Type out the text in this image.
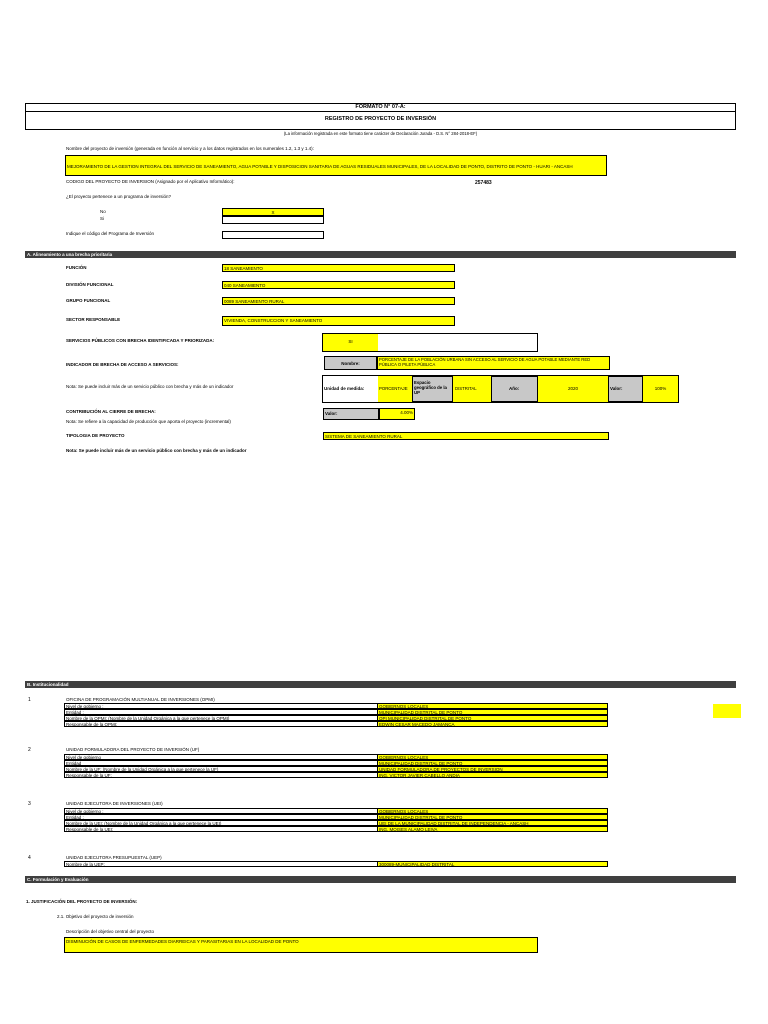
FORMATO N° 07-A:
REGISTRO DE PROYECTO DE INVERSIÓN
(La información registrada en este formato tiene carácter de Declaración Jurada - D.S. N° 284-2018-EF)
Nombre del proyecto de inversión (generada en función al servicio y a los datos registrados en los numerales 1.2, 1.3 y 1.4):
MEJORAMIENTO DE LA GESTION INTEGRAL DEL SERVICIO DE SANEAMIENTO, AGUA POTABLE Y DISPOSICION SANITARIA DE AGUAS RESIDUALES MUNICIPALES, DE LA LOCALIDAD DE PONTO, DISTRITO DE PONTO - HUARI - ANCASH
CODIGO DEL PROYECTO DE INVERSION (Asignado por el Aplicativo Informático):	257483
¿El proyecto pertenece a un programa de inversión?
No
Si
X
Indique el código del Programa de Inversión
A. Alineamiento a una brecha prioritaria
FUNCIÓN	18 SANEAMIENTO
DIVISIÓN FUNCIONAL	040 SANEAMIENTO
GRUPO FUNCIONAL	0089 SANEAMIENTO RURAL
SECTOR RESPONSABLE	VIVIENDA, CONSTRUCCION Y SANEAMIENTO
SERVICIOS PÚBLICOS CON BRECHA IDENTIFICADA Y PRIORIZADA:	SI
INDICADOR DE BRECHA DE ACCESO A SERVICIOS:	Nombre:
PORCENTAJE DE LA POBLACIÓN URBANA SIN ACCESO AL SERVICIO DE AGUA POTABLE MEDIANTE RED
PÚBLICA O PILETA PÚBLICA
Nota: Se puede incluir más de un servicio público con brecha y más de un indicador	Unidad de medida:	PORCENTAJE
Espacio
geográfico de la
UP
DISTRITAL	Año:	2020	Valor:	100%
CONTRIBUCIÓN AL CIERRE DE BRECHA:	Valor:	4.00%
Nota: Se refiere a la capacidad de producción que aporta el proyecto (incremental)
TIPOLOGIA DE PROYECTO	SISTEMA DE SANEAMIENTO RURAL
Nota: Se puede incluir más de un servicio público con brecha y más de un indicador
B. Institucionalidad
1	OFICINA DE PROGRAMACIÓN MULTIANUAL DE INVERSIONES (OPMI)
Nivel de gobierno :	GOBIERNOS LOCALES
Entidad :	MUNICIPALIDAD DISTRITAL DE PONTO
Nombre de la OPMI: (Nombre de la Unidad Orgánica a la que pertenece la OPMI)	OPI MUNICIPALIDAD DISTRITAL DE PONTO
Responsable de la OPMI:	EDWIN CESAR MACEDO JAMANCA
2	UNIDAD FORMULADORA DEL PROYECTO DE INVERSIÓN (UF)
Nivel de gobierno	GOBIERNOS LOCALES
Entidad	MUNICIPALIDAD DISTRITAL DE PONTO
Nombre de la UF: (Nombre de la Unidad Orgánica a la que pertenece la UF)	UNIDAD FORMULADORA DE PROYECTOS DE INVERSION
Responsable de la UF:	ING. VICTOR JAVIER CABELLO ANDIA
3	UNIDAD EJECUTORA DE INVERSIONES (UEI)
Nivel de gobierno :	GOBIERNOS LOCALES
Entidad :	MUNICIPALIDAD DISTRITAL DE PONTO
Nombre de la UEI: (Nombre de la Unidad Orgánica a la que pertenece la UEI)	UEI DE LA MUNICIPALIDAD DISTRITAL DE INDEPENDENCIA - ANCASH
Responsable de la UEI:	ING. MOISES ALAMO LEIVA
4	UNIDAD EJECUTORA PRESUPUESTAL (UEP)
Nombre de la UEP:	300089-MUNICIPALIDAD DISTRITAL
C. Formulación y Evaluación
1. JUSTIFICACIÓN DEL PROYECTO DE INVERSIÓN:
2.1. Objetivo del proyecto de inversión
Descripción del objetivo central del proyecto
DISMINUCIÓN DE CASOS DE ENFERMEDADES DIARREICAS Y PARASITARIAS EN LA LOCALIDAD DE PONTO
